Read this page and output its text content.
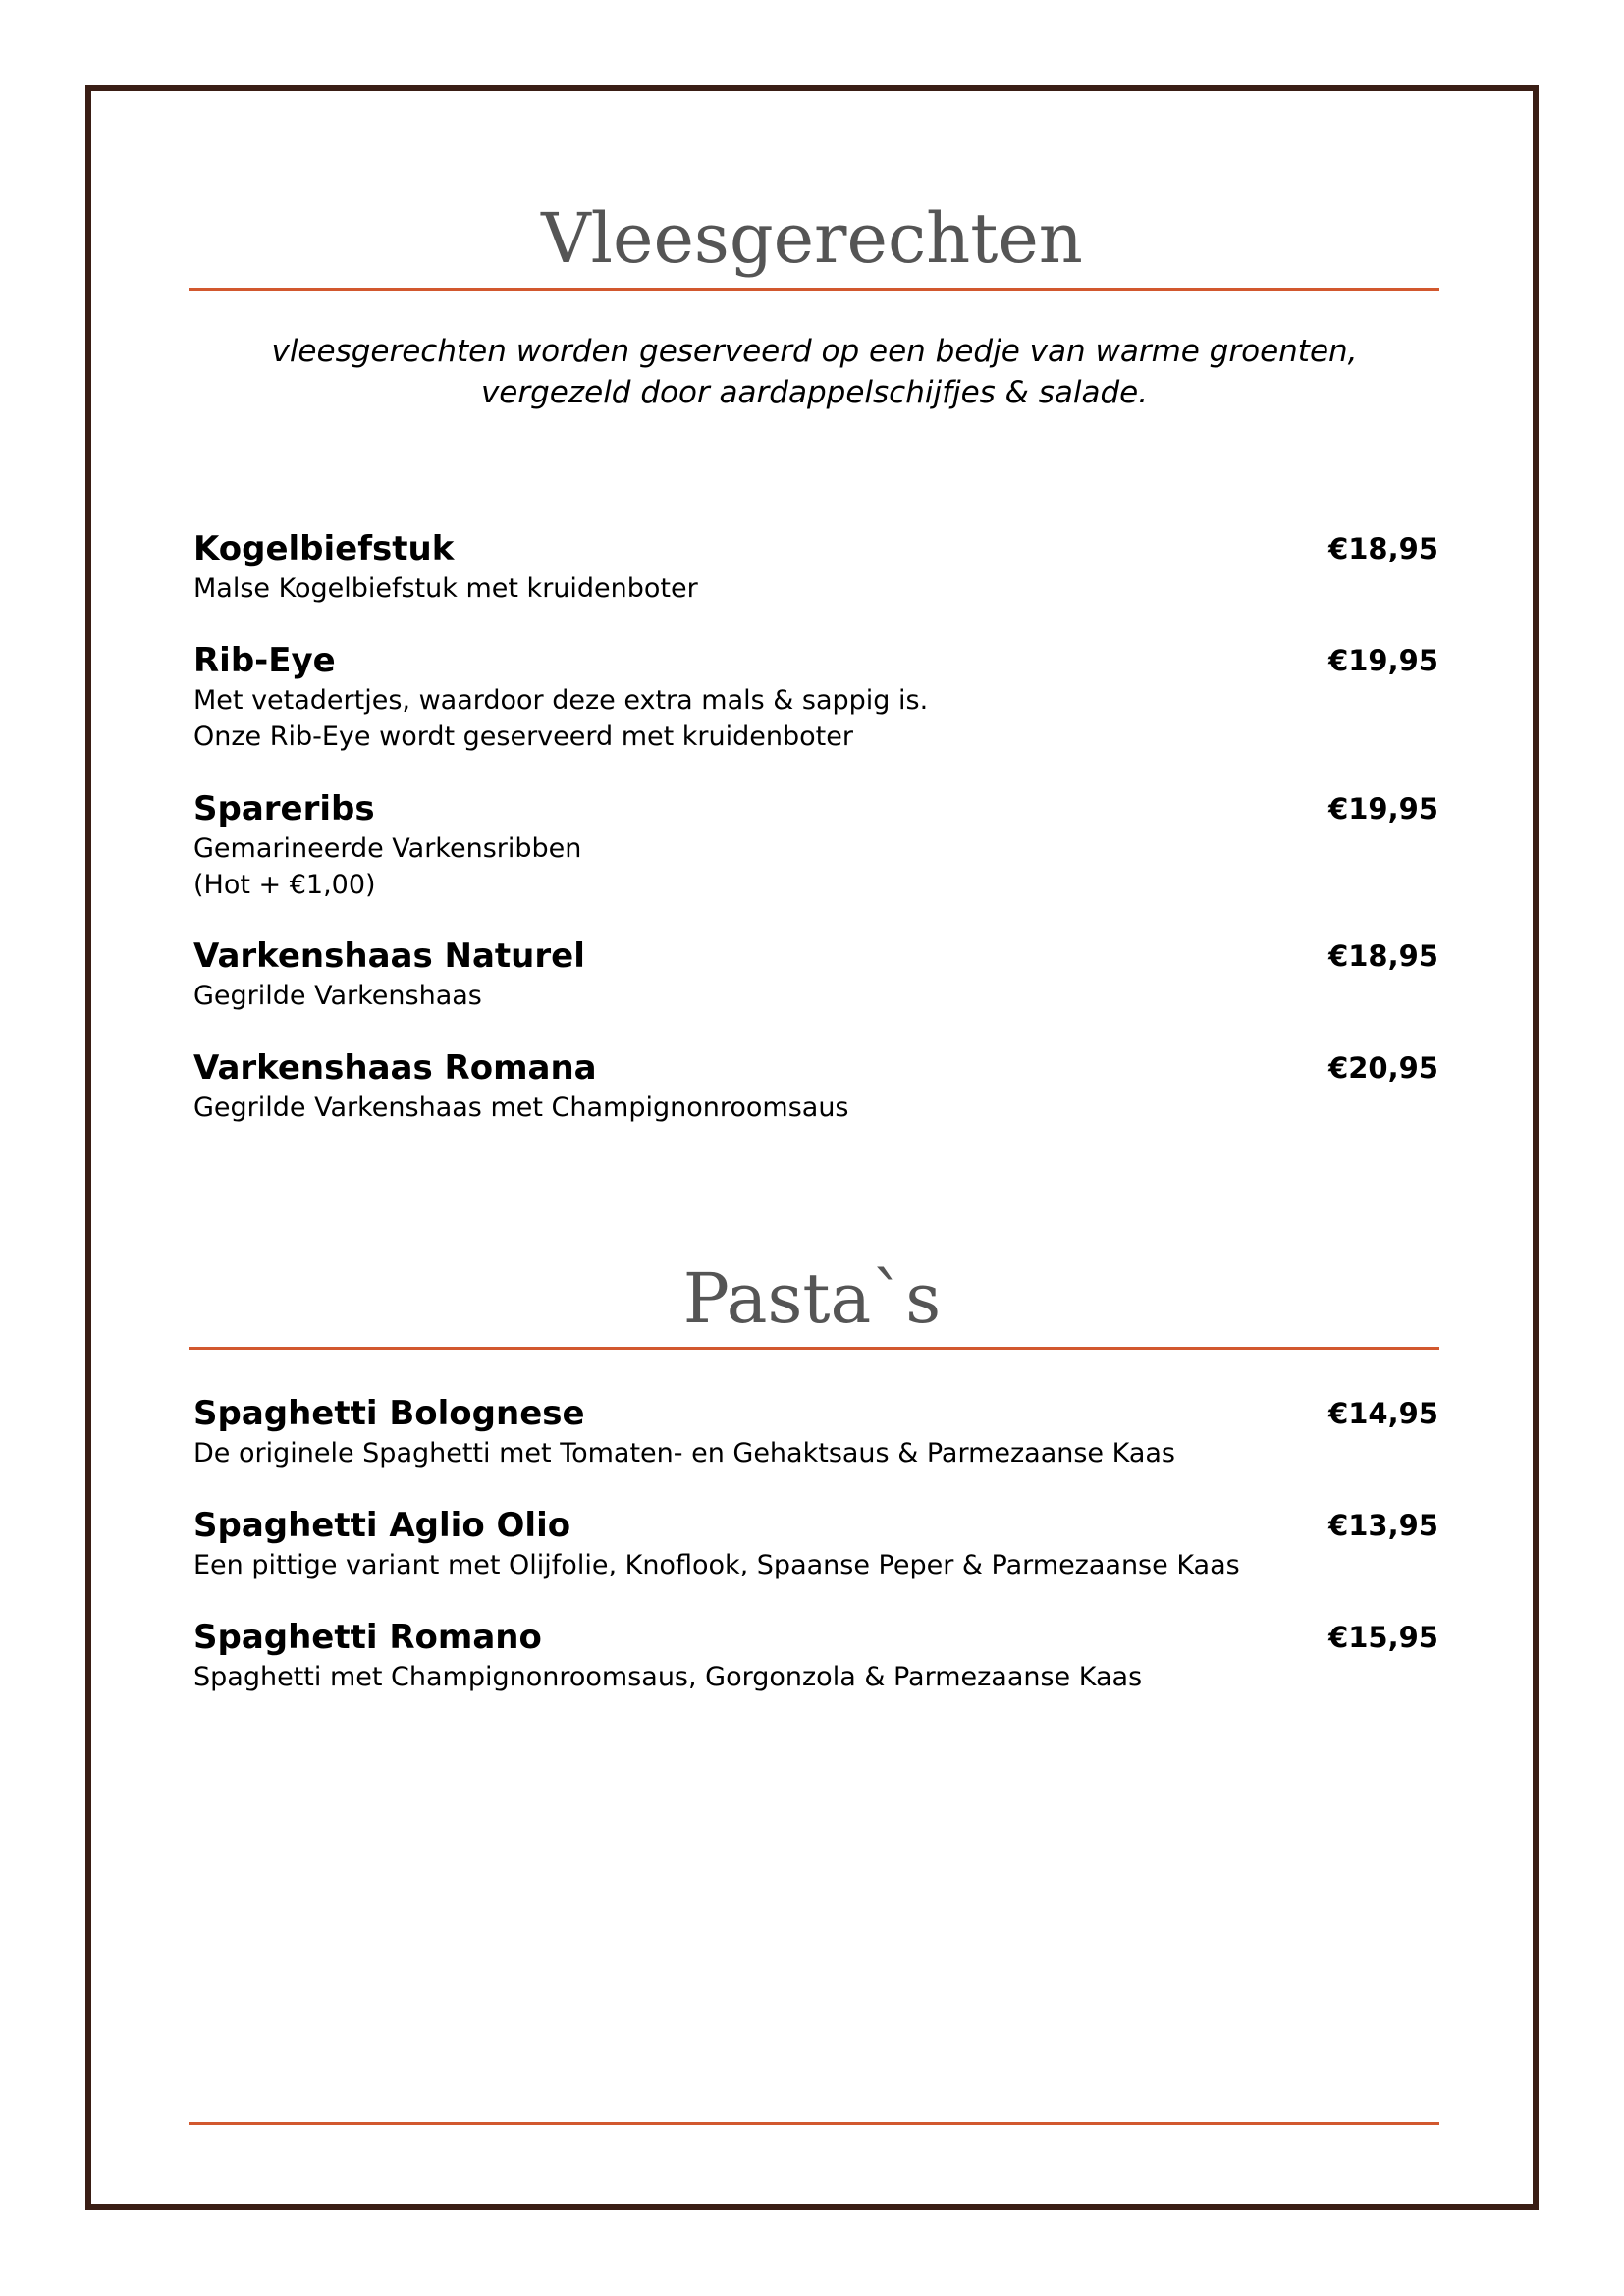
Vleesgerechten
vleesgerechten worden geserveerd op een bedje van warme groenten,
vergezeld door aardappelschijfjes & salade.
Kogelbiefstuk	€18,95
Malse Kogelbiefstuk met kruidenboter
Rib-Eye	€19,95
Met vetadertjes, waardoor deze extra mals & sappig is.
Onze Rib-Eye wordt geserveerd met kruidenboter
Spareribs	€19,95
Gemarineerde Varkensribben
(Hot + €1,00)
Varkenshaas Naturel	€18,95
Gegrilde Varkenshaas
Varkenshaas Romana	€20,95
Gegrilde Varkenshaas met Champignonroomsaus
Pasta`s
Spaghetti Bolognese	€14,95
De originele Spaghetti met Tomaten- en Gehaktsaus & Parmezaanse Kaas
Spaghetti Aglio Olio	€13,95
Een pittige variant met Olijfolie, Knoflook, Spaanse Peper & Parmezaanse Kaas
Spaghetti Romano	€15,95
Spaghetti met Champignonroomsaus, Gorgonzola & Parmezaanse Kaas
